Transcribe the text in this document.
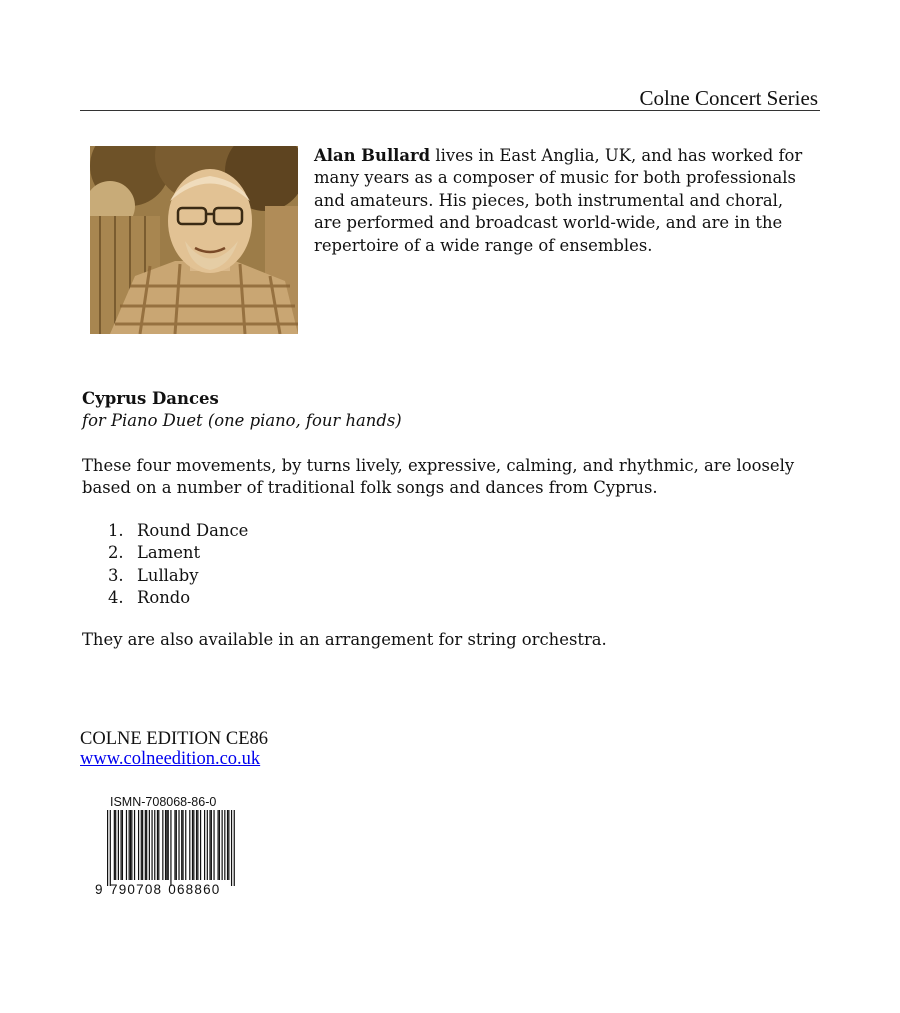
Colne Concert Series

Alan Bullard lives in East Anglia, UK, and has worked for many years as a composer of music for both professionals and amateurs. His pieces, both instrumental and choral, are performed and broadcast world-wide, and are in the repertoire of a wide range of ensembles.

Cyprus Dances

for Piano Duet (one piano, four hands)

These four movements, by turns lively, expressive, calming, and rhythmic, are loosely based on a number of traditional folk songs and dances from Cyprus.

1. Round Dance
2. Lament
3. Lullaby
4. Rondo

They are also available in an arrangement for string orchestra.

COLNE EDITION CE86

www.colneedition.co.uk
ISMN-708068-86-0
9 790708 068860
